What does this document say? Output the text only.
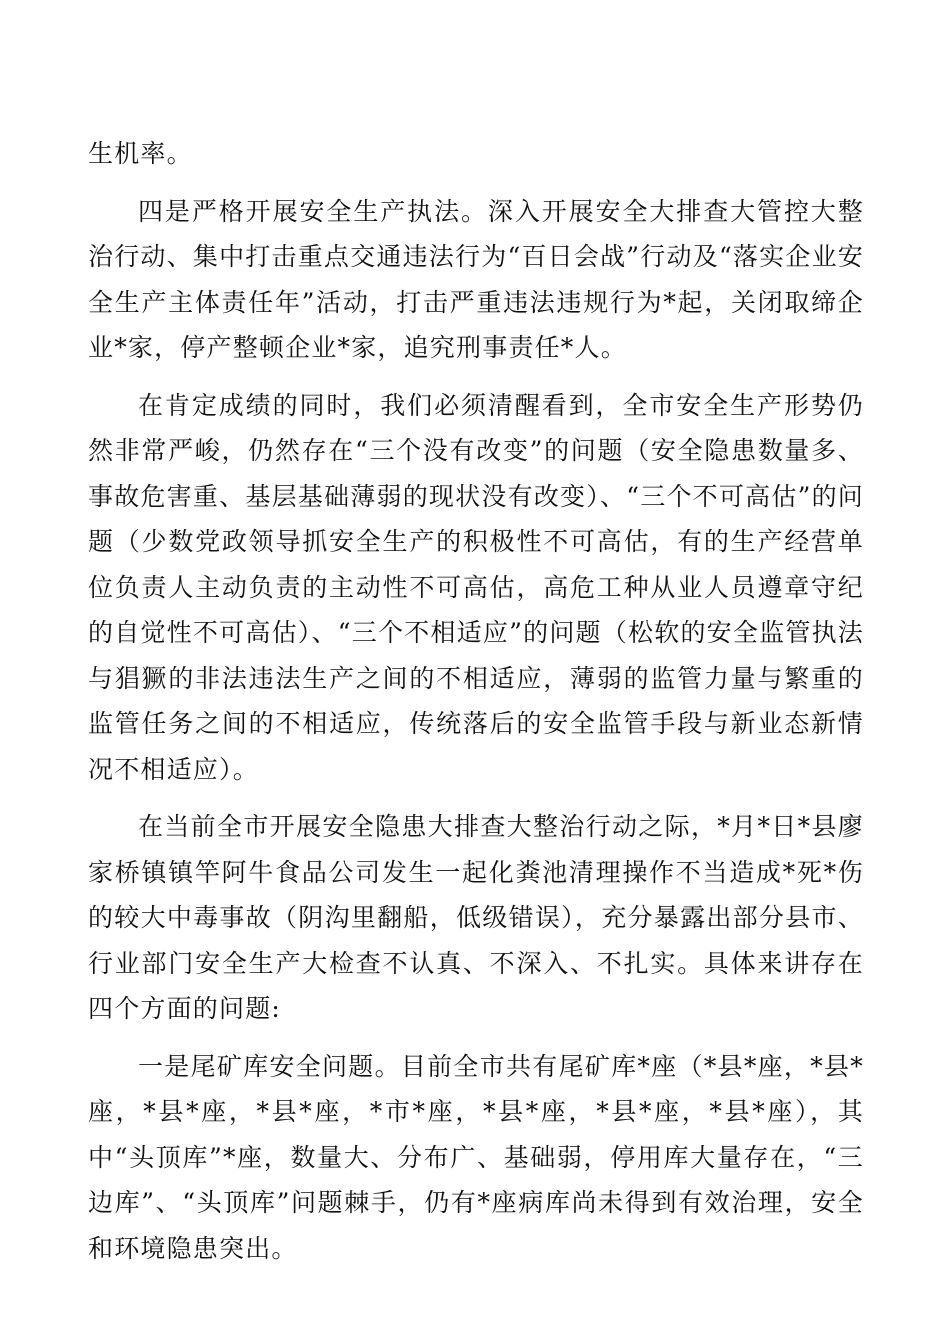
生机率。

四是严格开展安全生产执法。深入开展安全大排查大管控大整治行动、集中打击重点交通违法行为“百日会战”行动及“落实企业安全生产主体责任年”活动，打击严重违法违规行为*起，关闭取缔企业*家，停产整顿企业*家，追究刑事责任*人。

在肯定成绩的同时，我们必须清醒看到，全市安全生产形势仍然非常严峻，仍然存在“三个没有改变”的问题（安全隐患数量多、事故危害重、基层基础薄弱的现状没有改变）、“三个不可高估”的问题（少数党政领导抓安全生产的积极性不可高估，有的生产经营单位负责人主动负责的主动性不可高估，高危工种从业人员遵章守纪的自觉性不可高估）、“三个不相适应”的问题（松软的安全监管执法与猖獗的非法违法生产之间的不相适应，薄弱的监管力量与繁重的监管任务之间的不相适应，传统落后的安全监管手段与新业态新情况不相适应）。

在当前全市开展安全隐患大排查大整治行动之际，*月*日*县廖家桥镇镇竿阿牛食品公司发生一起化粪池清理操作不当造成*死*伤的较大中毒事故（阴沟里翻船，低级错误），充分暴露出部分县市、行业部门安全生产大检查不认真、不深入、不扎实。具体来讲存在四个方面的问题:

一是尾矿库安全问题。目前全市共有尾矿库*座（*县*座，*县*座，*县*座，*县*座，*市*座，*县*座，*县*座，*县*座），其中“头顶库”*座，数量大、分布广、基础弱，停用库大量存在，“三边库”、“头顶库”问题棘手，仍有*座病库尚未得到有效治理，安全和环境隐患突出。
